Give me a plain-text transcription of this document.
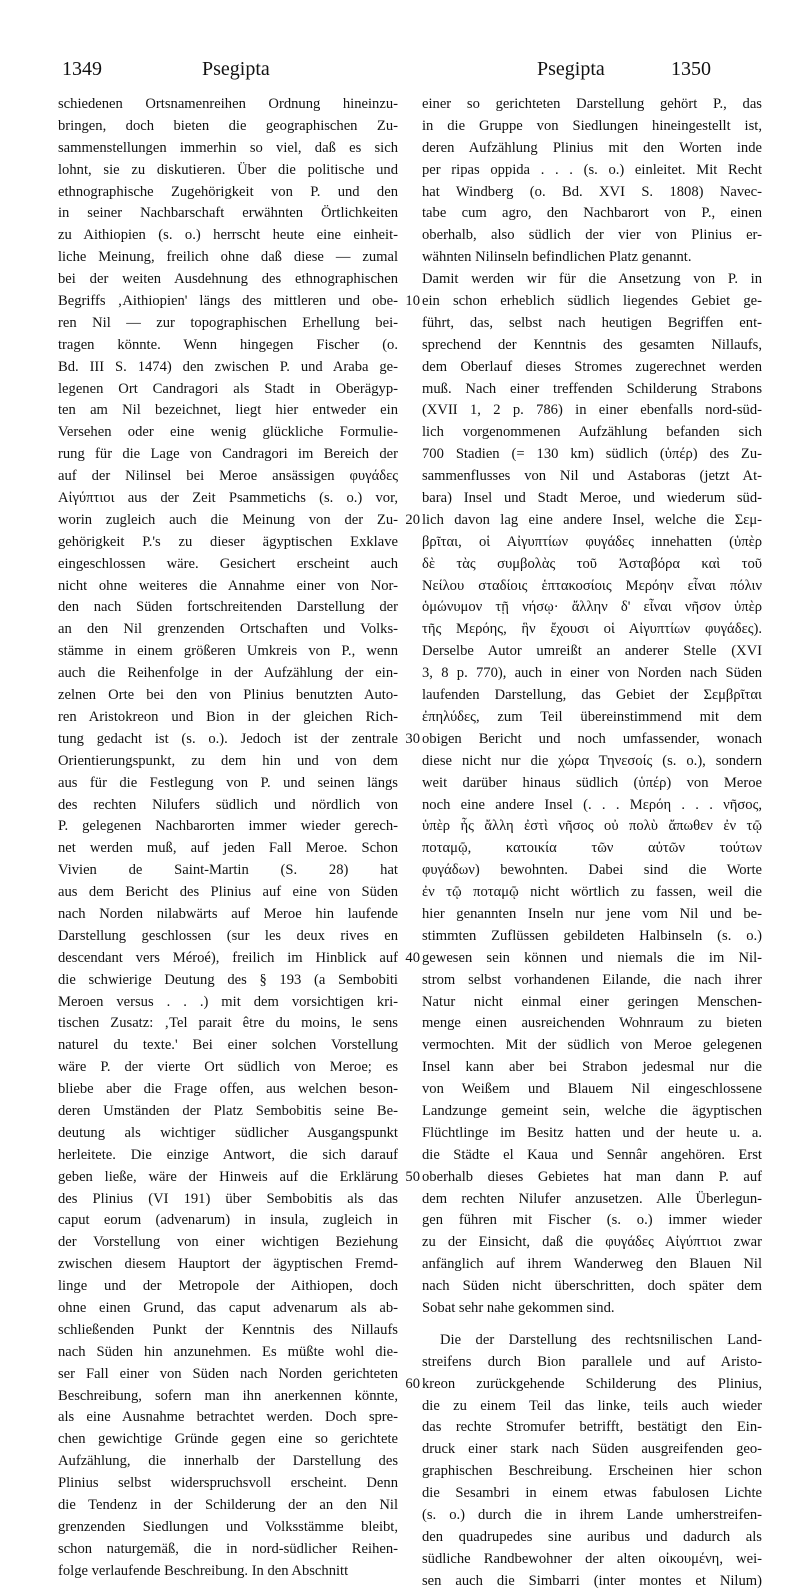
1349	Psegipta	Psegipta	1350
schiedenen Ortsnamenreihen Ordnung hineinzu-
bringen, doch bieten die geographischen Zu-
sammenstellungen immerhin so viel, daß es sich
lohnt, sie zu diskutieren. Über die politische und
ethnographische Zugehörigkeit von P. und den
in seiner Nachbarschaft erwähnten Örtlichkeiten
zu Aithiopien (s. o.) herrscht heute eine einheit-
liche Meinung, freilich ohne daß diese — zumal
bei der weiten Ausdehnung des ethnographischen
Begriffs ‚Aithiopien' längs des mittleren und obe-
ren Nil — zur topographischen Erhellung bei-
tragen könnte. Wenn hingegen Fischer (o.
Bd. III S. 1474) den zwischen P. und Araba ge-
legenen Ort Candragori als Stadt in Oberägyp-
ten am Nil bezeichnet, liegt hier entweder ein
Versehen oder eine wenig glückliche Formulie-
rung für die Lage von Candragori im Bereich der
auf der Nilinsel bei Meroe ansässigen φυγάδες
Αἰγύπτιοι aus der Zeit Psammetichs (s. o.) vor,
worin zugleich auch die Meinung von der Zu-
gehörigkeit P.'s zu dieser ägyptischen Exklave
eingeschlossen wäre. Gesichert erscheint auch
nicht ohne weiteres die Annahme einer von Nor-
den nach Süden fortschreitenden Darstellung der
an den Nil grenzenden Ortschaften und Volks-
stämme in einem größeren Umkreis von P., wenn
auch die Reihenfolge in der Aufzählung der ein-
zelnen Orte bei den von Plinius benutzten Auto-
ren Aristokreon und Bion in der gleichen Rich-
tung gedacht ist (s. o.). Jedoch ist der zentrale
Orientierungspunkt, zu dem hin und von dem
aus für die Festlegung von P. und seinen längs
des rechten Nilufers südlich und nördlich von
P. gelegenen Nachbarorten immer wieder gerech-
net werden muß, auf jeden Fall Meroe. Schon
Vivien de Saint-Martin (S. 28) hat
aus dem Bericht des Plinius auf eine von Süden
nach Norden nilabwärts auf Meroe hin laufende
Darstellung geschlossen (sur les deux rives en
descendant vers Méroé), freilich im Hinblick auf
die schwierige Deutung des § 193 (a Sembobiti
Meroen versus . . .) mit dem vorsichtigen kri-
tischen Zusatz: ‚Tel parait être du moins, le sens
naturel du texte.' Bei einer solchen Vorstellung
wäre P. der vierte Ort südlich von Meroe; es
bliebe aber die Frage offen, aus welchen beson-
deren Umständen der Platz Sembobitis seine Be-
deutung als wichtiger südlicher Ausgangspunkt
herleitete. Die einzige Antwort, die sich darauf
geben ließe, wäre der Hinweis auf die Erklärung
des Plinius (VI 191) über Sembobitis als das
caput eorum (advenarum) in insula, zugleich in
der Vorstellung von einer wichtigen Beziehung
zwischen diesem Hauptort der ägyptischen Fremd-
linge und der Metropole der Aithiopen, doch
ohne einen Grund, das caput advenarum als ab-
schließenden Punkt der Kenntnis des Nillaufs
nach Süden hin anzunehmen. Es müßte wohl die-
ser Fall einer von Süden nach Norden gerichteten
Beschreibung, sofern man ihn anerkennen könnte,
als eine Ausnahme betrachtet werden. Doch spre-
chen gewichtige Gründe gegen eine so gerichtete
Aufzählung, die innerhalb der Darstellung des
Plinius selbst widerspruchsvoll erscheint. Denn
die Tendenz in der Schilderung der an den Nil
grenzenden Siedlungen und Volksstämme bleibt,
schon naturgemäß, die in nord-südlicher Reihen-
folge verlaufende Beschreibung. In den Abschnitt
10
20
30
40
50
60
einer so gerichteten Darstellung gehört P., das
in die Gruppe von Siedlungen hineingestellt ist,
deren Aufzählung Plinius mit den Worten inde
per ripas oppida . . . (s. o.) einleitet. Mit Recht
hat Windberg (o. Bd. XVI S. 1808) Navec-
tabe cum agro, den Nachbarort von P., einen
oberhalb, also südlich der vier von Plinius er-
wähnten Nilinseln befindlichen Platz genannt.
Damit werden wir für die Ansetzung von P. in
ein schon erheblich südlich liegendes Gebiet ge-
führt, das, selbst nach heutigen Begriffen ent-
sprechend der Kenntnis des gesamten Nillaufs,
dem Oberlauf dieses Stromes zugerechnet werden
muß. Nach einer treffenden Schilderung Strabons
(XVII 1, 2 p. 786) in einer ebenfalls nord-süd-
lich vorgenommenen Aufzählung befanden sich
700 Stadien (= 130 km) südlich (ὑπέρ) des Zu-
sammenflusses von Nil und Astaboras (jetzt At-
bara) Insel und Stadt Meroe, und wiederum süd-
lich davon lag eine andere Insel, welche die Σεμ-
βρῖται, οἱ Αἰγυπτίων φυγάδες innehatten (ὑπὲρ
δὲ τὰς συμβολὰς τοῦ Ἀσταβόρα καὶ τοῦ
Νείλου σταδίοις ἑπτακοσίοις Μερόην εἶναι πόλιν
ὁμώνυμον τῇ νήσῳ· ἄλλην δ' εἶναι νῆσον ὑπὲρ
τῆς Μερόης, ἣν ἔχουσι οἱ Αἰγυπτίων φυγάδες).
Derselbe Autor umreißt an anderer Stelle (XVI
3, 8 p. 770), auch in einer von Norden nach Süden
laufenden Darstellung, das Gebiet der Σεμβρῖται
ἐπηλύδες, zum Teil übereinstimmend mit dem
obigen Bericht und noch umfassender, wonach
diese nicht nur die χώρα Τηνεσοίς (s. o.), sondern
weit darüber hinaus südlich (ὑπέρ) von Meroe
noch eine andere Insel (. . . Μερόη . . . νῆσος,
ὑπὲρ ἧς ἄλλη ἐστὶ νῆσος οὐ πολὺ ἄπωθεν ἐν τῷ
ποταμῷ, κατοικία τῶν αὐτῶν τούτων
φυγάδων) bewohnten. Dabei sind die Worte
ἐν τῷ ποταμῷ nicht wörtlich zu fassen, weil die
hier genannten Inseln nur jene vom Nil und be-
stimmten Zuflüssen gebildeten Halbinseln (s. o.)
gewesen sein können und niemals die im Nil-
strom selbst vorhandenen Eilande, die nach ihrer
Natur nicht einmal einer geringen Menschen-
menge einen ausreichenden Wohnraum zu bieten
vermochten. Mit der südlich von Meroe gelegenen
Insel kann aber bei Strabon jedesmal nur die
von Weißem und Blauem Nil eingeschlossene
Landzunge gemeint sein, welche die ägyptischen
Flüchtlinge im Besitz hatten und der heute u. a.
die Städte el Kaua und Sennâr angehören. Erst
oberhalb dieses Gebietes hat man dann P. auf
dem rechten Nilufer anzusetzen. Alle Überlegun-
gen führen mit Fischer (s. o.) immer wieder
zu der Einsicht, daß die φυγάδες Αἰγύπτιοι zwar
anfänglich auf ihrem Wanderweg den Blauen Nil
nach Süden nicht überschritten, doch später dem
Sobat sehr nahe gekommen sind.
Die der Darstellung des rechtsnilischen Land-
streifens durch Bion parallele und auf Aristo-
kreon zurückgehende Schilderung des Plinius,
die zu einem Teil das linke, teils auch wieder
das rechte Stromufer betrifft, bestätigt den Ein-
druck einer stark nach Süden ausgreifenden geo-
graphischen Beschreibung. Erscheinen hier schon
die Sesambri in einem etwas fabulosen Lichte
(s. o.) durch die in ihrem Lande umherstreifen-
den quadrupedes sine auribus und dadurch als
südliche Randbewohner der alten οἰκουμένη, wei-
sen auch die Simbarri (inter montes et Nilum)
